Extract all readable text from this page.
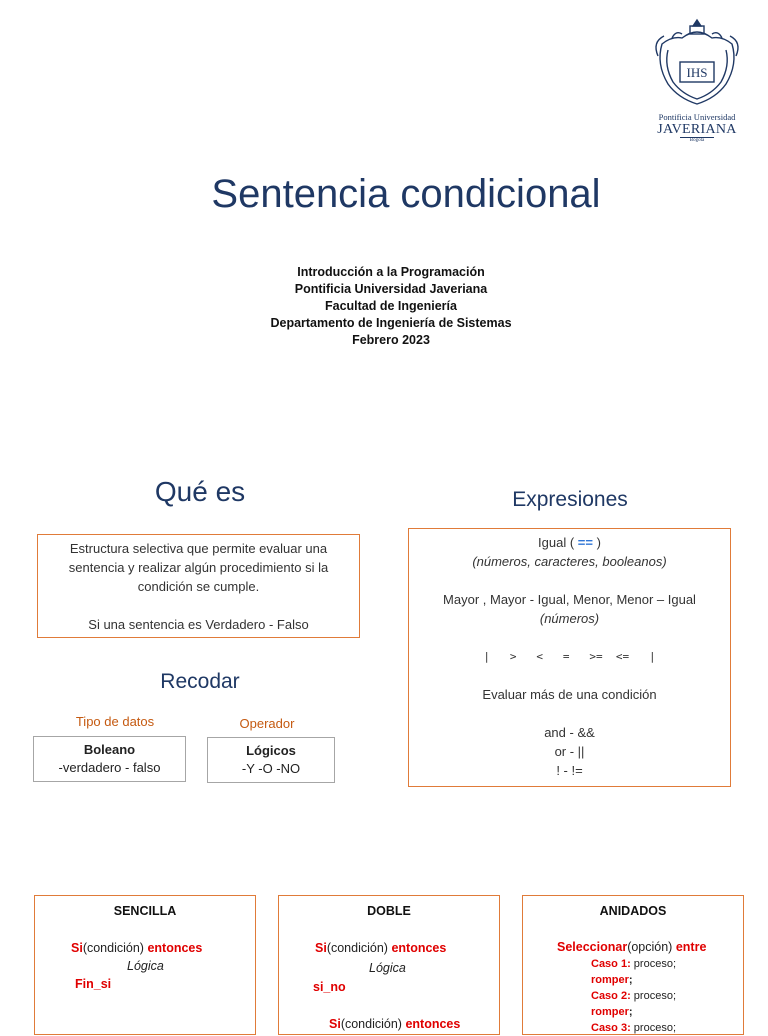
IHS
Pontificia Universidad
JAVERIANA
Bogotá
Sentencia condicional
Introducción a la Programación
Pontificia Universidad Javeriana
Facultad de Ingeniería
Departamento de Ingeniería de Sistemas
Febrero 2023
Qué es	Expresiones
Estructura selectiva que permite evaluar una
sentencia y realizar algún procedimiento si la
condición se cumple.
Si una sentencia es Verdadero - Falso
Igual ( == )
(números, caracteres, booleanos)
Mayor , Mayor - Igual, Menor, Menor – Igual
(números)
|   >   <   =   >=  <=   |
Evaluar más de una condición
and - &&
or - ||
! - !=
Recodar
Tipo de datos	Operador
Boleano
-verdadero - falso
Lógicos
-Y -O -NO
SENCILLA
Si(condición) entonces
Lógica
Fin_si
DOBLE
Si(condición) entonces
Lógica
si_no
Si(condición) entonces
ANIDADOS
Seleccionar(opción) entre
Caso 1: proceso;
romper;
Caso 2: proceso;
romper;
Caso 3: proceso;
